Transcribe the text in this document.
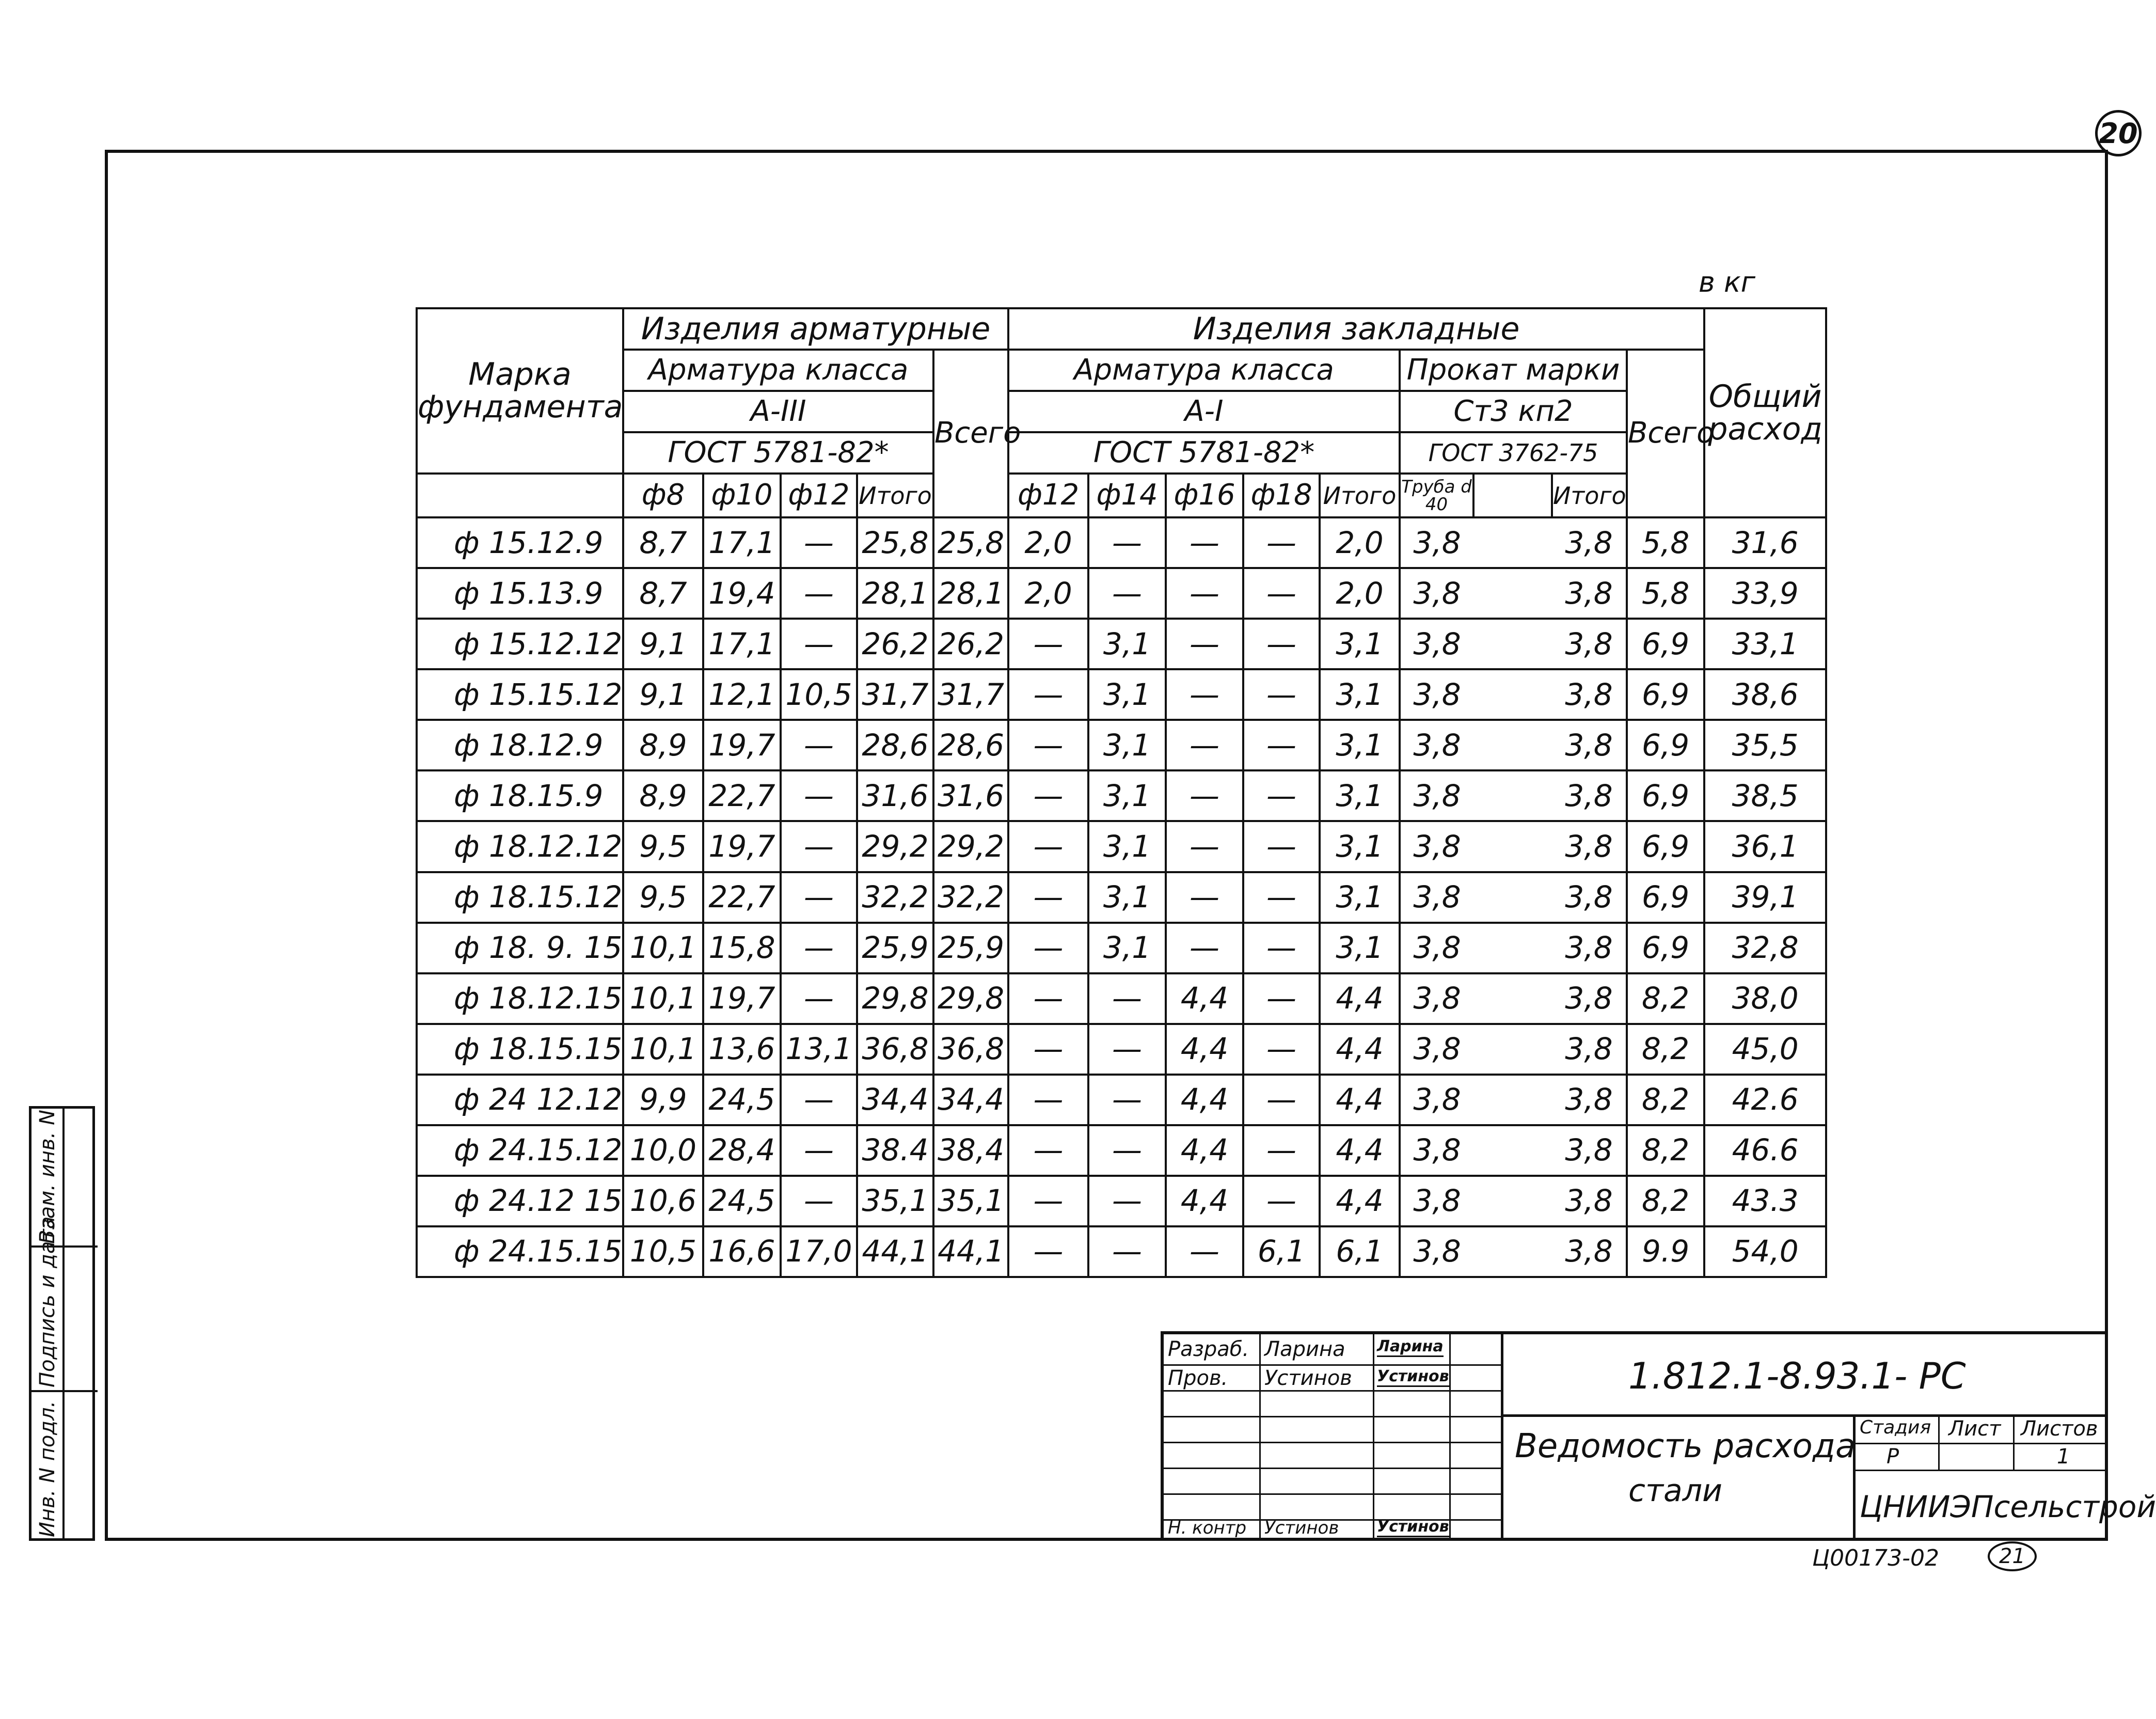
20
в кг
Марка фундамента	Изделия арматурные					Изделия закладные									Общий расход
	Арматура класса				Всего	Арматура класса					Прокат марки			Всего	
	А-III					А-I					Ст3 кп2				
	ГОСТ 5781-82*					ГОСТ 5781-82*					ГОСТ 3762-75				
	ф8	ф10	ф12	Итого		ф12	ф14	ф16	ф18	Итого	Труба d 40		Итого		
ф 15.12.9	8,7	17,1	—	25,8	25,8	2,0	—	—	—	2,0	3,8		3,8	5,8	31,6
ф 15.13.9	8,7	19,4	—	28,1	28,1	2,0	—	—	—	2,0	3,8		3,8	5,8	33,9
ф 15.12.12	9,1	17,1	—	26,2	26,2	—	3,1	—	—	3,1	3,8		3,8	6,9	33,1
ф 15.15.12	9,1	12,1	10,5	31,7	31,7	—	3,1	—	—	3,1	3,8		3,8	6,9	38,6
ф 18.12.9	8,9	19,7	—	28,6	28,6	—	3,1	—	—	3,1	3,8		3,8	6,9	35,5
ф 18.15.9	8,9	22,7	—	31,6	31,6	—	3,1	—	—	3,1	3,8		3,8	6,9	38,5
ф 18.12.12	9,5	19,7	—	29,2	29,2	—	3,1	—	—	3,1	3,8		3,8	6,9	36,1
ф 18.15.12	9,5	22,7	—	32,2	32,2	—	3,1	—	—	3,1	3,8		3,8	6,9	39,1
ф 18. 9. 15	10,1	15,8	—	25,9	25,9	—	3,1	—	—	3,1	3,8		3,8	6,9	32,8
ф 18.12.15	10,1	19,7	—	29,8	29,8	—	—	4,4	—	4,4	3,8		3,8	8,2	38,0
ф 18.15.15	10,1	13,6	13,1	36,8	36,8	—	—	4,4	—	4,4	3,8		3,8	8,2	45,0
ф 24 12.12	9,9	24,5	—	34,4	34,4	—	—	4,4	—	4,4	3,8		3,8	8,2	42.6
ф 24.15.12	10,0	28,4	—	38.4	38,4	—	—	4,4	—	4,4	3,8		3,8	8,2	46.6
ф 24.12 15	10,6	24,5	—	35,1	35,1	—	—	4,4	—	4,4	3,8		3,8	8,2	43.3
ф 24.15.15	10,5	16,6	17,0	44,1	44,1	—	—	—	6,1	6,1	3,8		3,8	9.9	54,0
Инв. N подл.
Подпись и дата
Взам. инв. N
Разраб. Ларина Ларина
Пров. Устинов Устинов
Н. контр Устинов Устинов
1.812.1-8.93.1- РС
Ведомость расхода
стали
Стадия Лист Листов
Р	1
ЦНИИЭПсельстрой
Ц00173-02	21
